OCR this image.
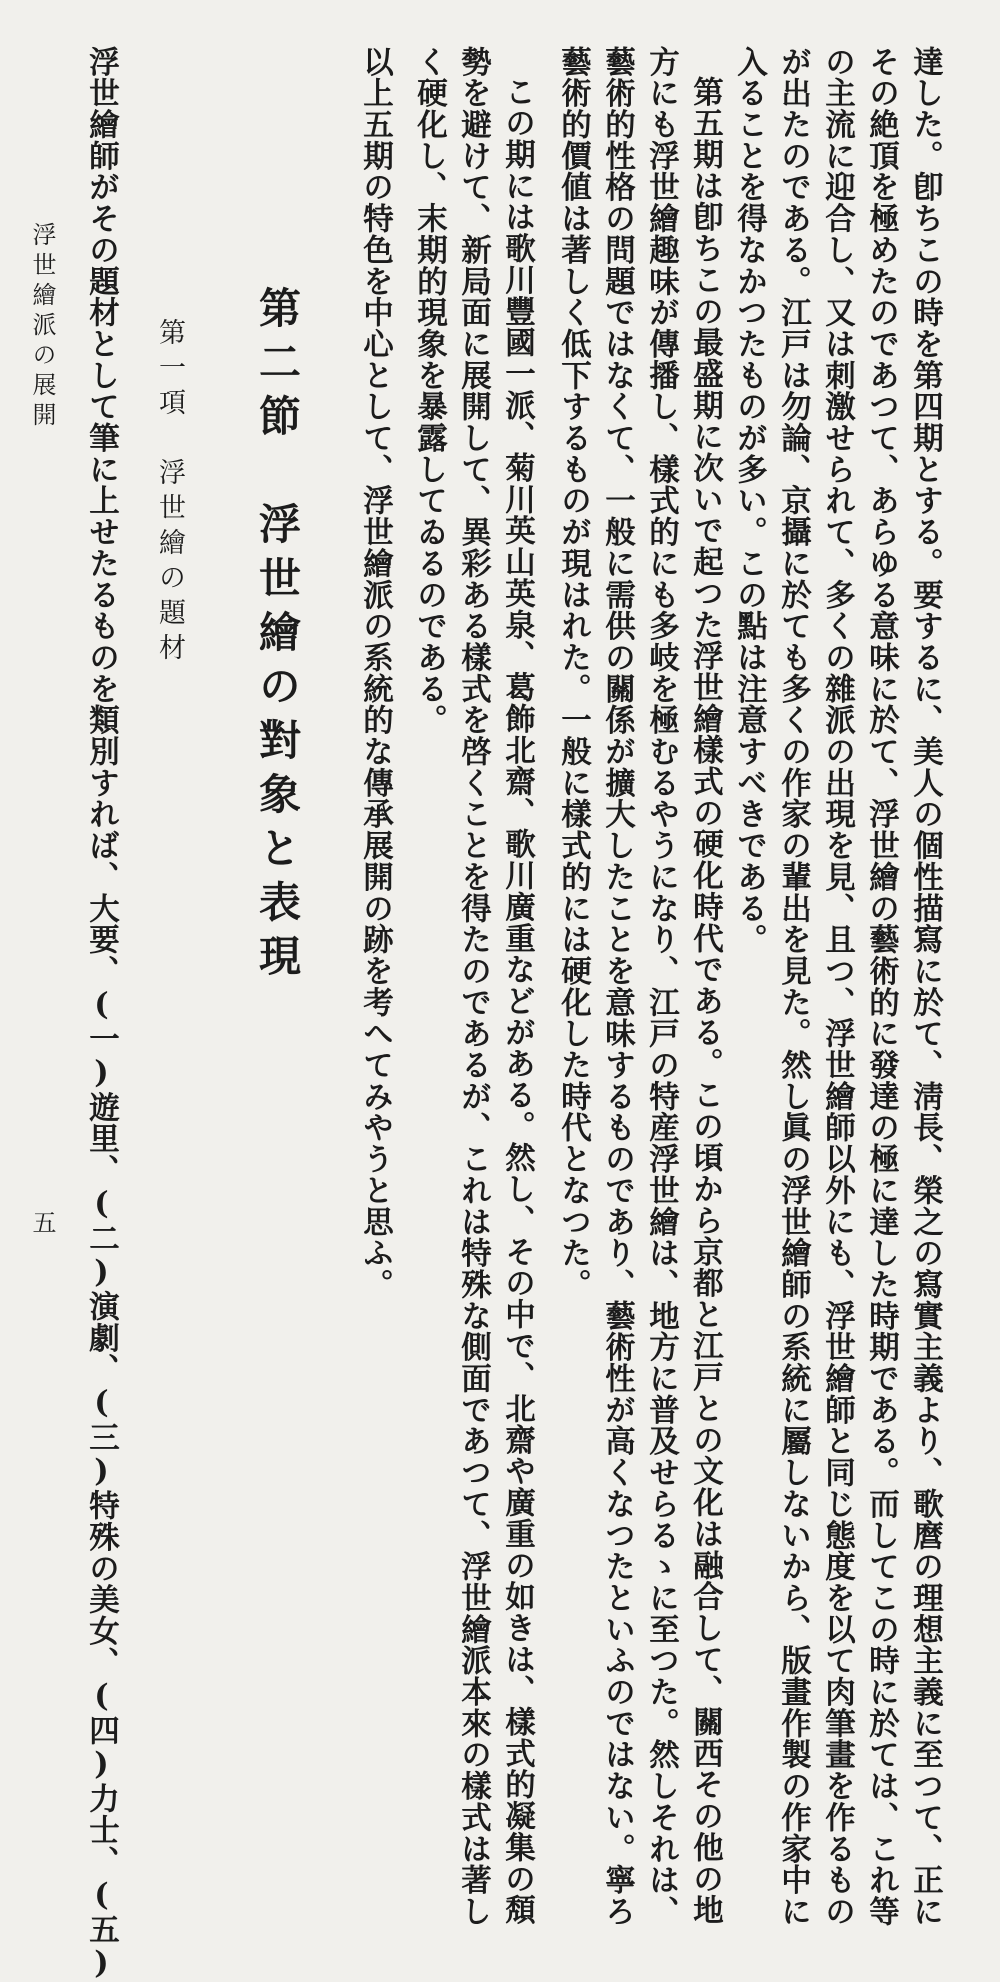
達した。卽ちこの時を第四期とする。要するに、美人の個性描寫に於て、淸長、榮之の寫實主義より、歌麿の理想主義に至つて、正に
その絶頂を極めたのであつて、あらゆる意味に於て、浮世繪の藝術的に發達の極に達した時期である。而してこの時に於ては、これ等
の主流に迎合し、又は刺激せられて、多くの雜派の出現を見、且つ、浮世繪師以外にも、浮世繪師と同じ態度を以て肉筆畫を作るもの
が出たのである。江戸は勿論、京攝に於ても多くの作家の輩出を見た。然し眞の浮世繪師の系統に屬しないから、版畫作製の作家中に
入ることを得なかつたものが多い。この點は注意すべきである。
第五期は卽ちこの最盛期に次いで起つた浮世繪樣式の硬化時代である。この頃から京都と江戸との文化は融合して、關西その他の地
方にも浮世繪趣味が傳播し、樣式的にも多岐を極むるやうになり、江戸の特産浮世繪は、地方に普及せらるゝに至つた。然しそれは、
藝術的性格の問題ではなくて、一般に需供の關係が擴大したことを意味するものであり、藝術性が高くなつたといふのではない。寧ろ
藝術的價値は著しく低下するものが現はれた。一般に樣式的には硬化した時代となつた。
この期には歌川豐國一派、菊川英山英泉、葛飾北齋、歌川廣重などがある。然し、その中で、北齋や廣重の如きは、樣式的凝集の頽
勢を避けて、新局面に展開して、異彩ある樣式を啓くことを得たのであるが、これは特殊な側面であつて、浮世繪派本來の樣式は著し
く硬化し、末期的現象を暴露してゐるのである。
以上五期の特色を中心として、浮世繪派の系統的な傳承展開の跡を考へてみやうと思ふ。
第二節　浮世繪の對象と表現
第一項　浮世繪の題材
浮世繪師がその題材として筆に上せたるものを類別すれば、大要、(一)遊里、(二)演劇、(三)特殊の美女、(四)力士、(五)
浮世繪派の展開
五
